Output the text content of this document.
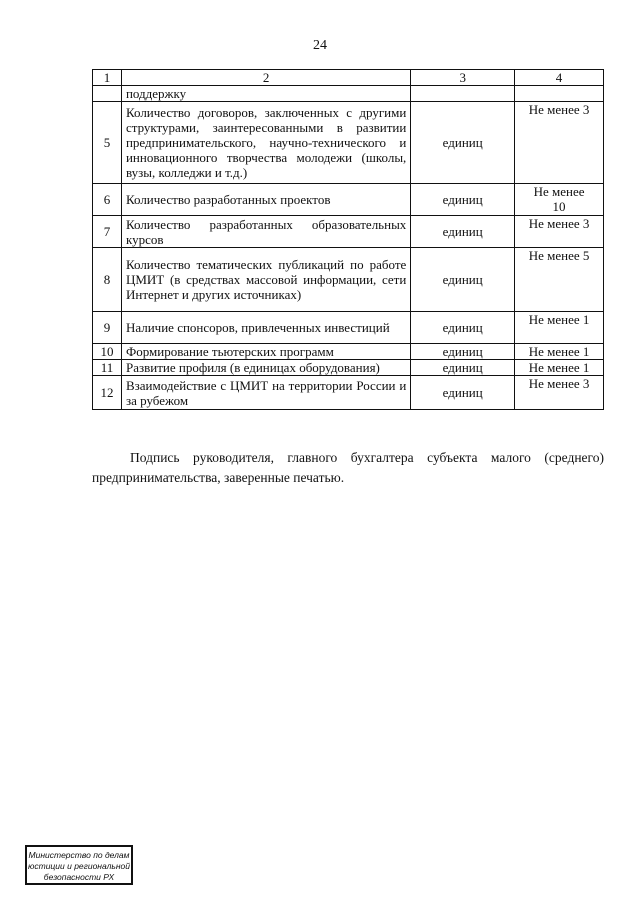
24
1	2	3	4
	поддержку		
5	Количество договоров, заключенных с другими структурами, заинтересованными в развитии предпринимательского, научно-технического и инновационного творчества молодежи (школы, вузы, колледжи и т.д.)	единиц	Не менее 3
6	Количество разработанных проектов	единиц	Не менее 10
7	Количество разработанных образовательных курсов	единиц	Не менее 3
8	Количество тематических публикаций по работе ЦМИТ (в средствах массовой информации, сети Интернет и других источниках)	единиц	Не менее 5
9	Наличие спонсоров, привлеченных инвестиций	единиц	Не менее 1
10	Формирование тьютерских программ	единиц	Не менее 1
11	Развитие профиля (в единицах оборудования)	единиц	Не менее 1
12	Взаимодействие с ЦМИТ на территории России и за рубежом	единиц	Не менее 3

Подпись руководителя, главного бухгалтера субъекта малого (среднего) предпринимательства, заверенные печатью.

Министерство по делам
юстиции и региональной
безопасности РХ
